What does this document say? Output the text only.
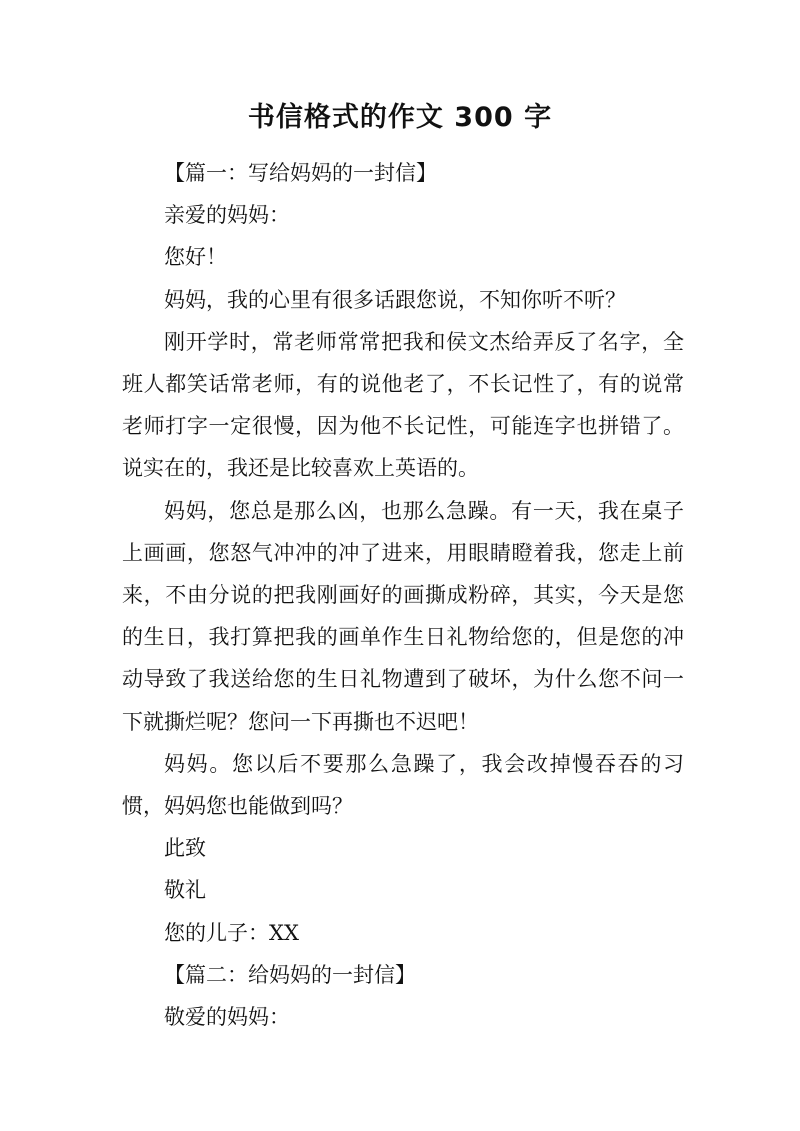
书信格式的作文 300 字

【篇一：写给妈妈的一封信】

亲爱的妈妈：

您好！

妈妈，我的心里有很多话跟您说，不知你听不听？

刚开学时，常老师常常把我和侯文杰给弄反了名字，全班人都笑话常老师，有的说他老了，不长记性了，有的说常老师打字一定很慢，因为他不长记性，可能连字也拼错了。说实在的，我还是比较喜欢上英语的。

妈妈，您总是那么凶，也那么急躁。有一天，我在桌子上画画，您怒气冲冲的冲了进来，用眼睛瞪着我，您走上前来，不由分说的把我刚画好的画撕成粉碎，其实，今天是您的生日，我打算把我的画单作生日礼物给您的，但是您的冲动导致了我送给您的生日礼物遭到了破坏，为什么您不问一下就撕烂呢？您问一下再撕也不迟吧！

妈妈。您以后不要那么急躁了，我会改掉慢吞吞的习惯，妈妈您也能做到吗？

此致

敬礼

您的儿子：XX

【篇二：给妈妈的一封信】

敬爱的妈妈：
